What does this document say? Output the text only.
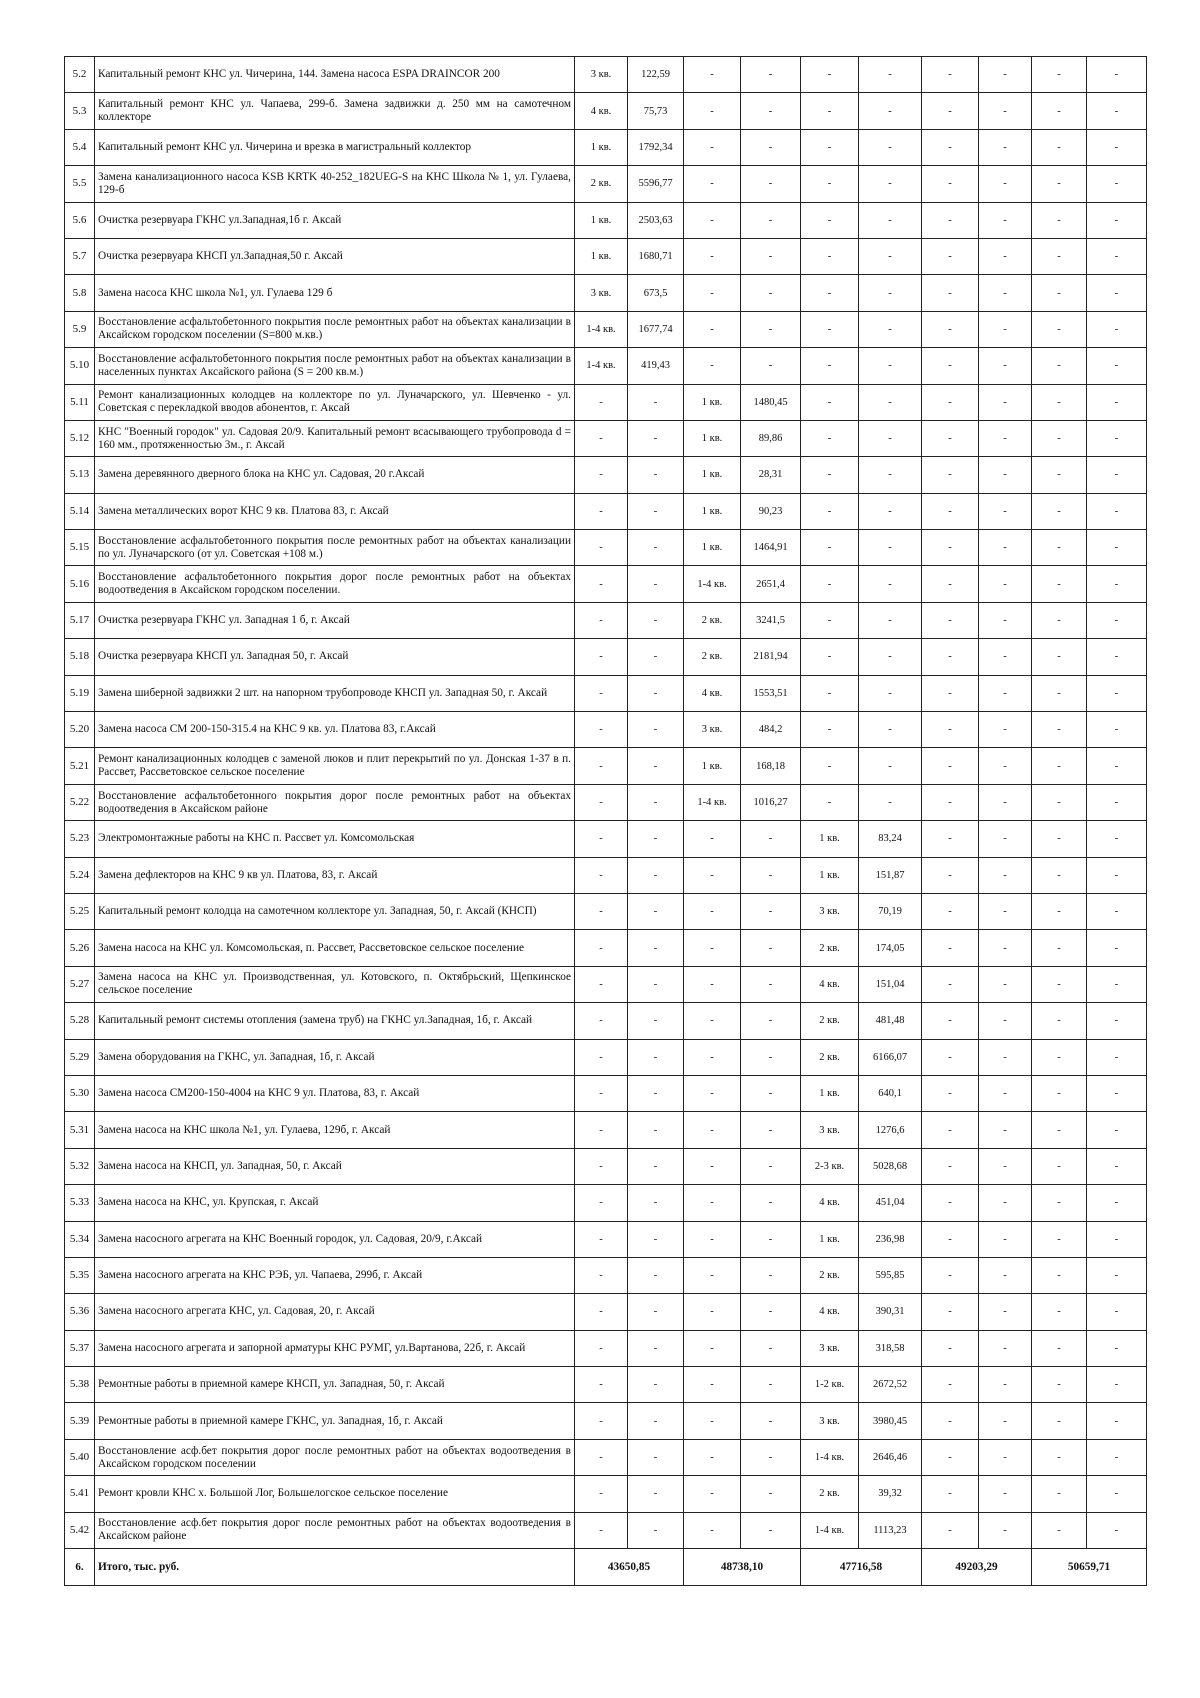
5.2	Капитальный ремонт КНС ул. Чичерина, 144. Замена насоса ESPA DRAINCOR 200	3 кв.	122,59	-	-	-	-	-	-	-	-
5.3	Капитальный ремонт КНС ул. Чапаева, 299-б. Замена задвижки д. 250 мм на самотечном коллекторе	4 кв.	75,73	-	-	-	-	-	-	-	-
5.4	Капитальный ремонт КНС ул. Чичерина и врезка в магистральный коллектор	1 кв.	1792,34	-	-	-	-	-	-	-	-
5.5	Замена канализационного насоса KSB KRTK 40-252_182UEG-S на КНС Школа № 1, ул. Гулаева, 129-б	2 кв.	5596,77	-	-	-	-	-	-	-	-
5.6	Очистка резервуара ГКНС ул.Западная,1б г. Аксай	1 кв.	2503,63	-	-	-	-	-	-	-	-
5.7	Очистка резервуара КНСП ул.Западная,50 г. Аксай	1 кв.	1680,71	-	-	-	-	-	-	-	-
5.8	Замена насоса КНС школа №1, ул. Гулаева 129 б	3 кв.	673,5	-	-	-	-	-	-	-	-
5.9	Восстановление асфальтобетонного покрытия после ремонтных работ на объектах канализации в Аксайском городском поселении (S=800 м.кв.)	1-4 кв.	1677,74	-	-	-	-	-	-	-	-
5.10	Восстановление асфальтобетонного покрытия после ремонтных работ на объектах канализации в населенных пунктах Аксайского района (S = 200 кв.м.)	1-4 кв.	419,43	-	-	-	-	-	-	-	-
5.11	Ремонт канализационных колодцев на коллекторе по ул. Луначарского, ул. Шевченко - ул. Советская с перекладкой вводов абонентов, г. Аксай	-	-	1 кв.	1480,45	-	-	-	-	-	-
5.12	КНС "Военный городок" ул. Садовая 20/9. Капитальный ремонт всасывающего трубопровода d = 160 мм., протяженностью 3м., г. Аксай	-	-	1 кв.	89,86	-	-	-	-	-	-
5.13	Замена деревянного дверного блока на КНС ул. Садовая, 20 г.Аксай	-	-	1 кв.	28,31	-	-	-	-	-	-
5.14	Замена металлических ворот КНС 9 кв. Платова 83, г. Аксай	-	-	1 кв.	90,23	-	-	-	-	-	-
5.15	Восстановление асфальтобетонного покрытия после ремонтных работ на объектах канализации по ул. Луначарского (от ул. Советская +108 м.)	-	-	1 кв.	1464,91	-	-	-	-	-	-
5.16	Восстановление асфальтобетонного покрытия дорог после ремонтных работ на объектах водоотведения в Аксайском городском поселении.	-	-	1-4 кв.	2651,4	-	-	-	-	-	-
5.17	Очистка резервуара ГКНС ул. Западная 1 б, г. Аксай	-	-	2 кв.	3241,5	-	-	-	-	-	-
5.18	Очистка резервуара КНСП ул. Западная 50, г. Аксай	-	-	2 кв.	2181,94	-	-	-	-	-	-
5.19	Замена шиберной задвижки 2 шт. на напорном трубопроводе КНСП ул. Западная 50, г. Аксай	-	-	4 кв.	1553,51	-	-	-	-	-	-
5.20	Замена насоса СМ 200-150-315.4 на КНС 9 кв. ул. Платова 83, г.Аксай	-	-	3 кв.	484,2	-	-	-	-	-	-
5.21	Ремонт канализационных колодцев с заменой люков и плит перекрытий по ул. Донская 1-37 в п. Рассвет, Рассветовское сельское поселение	-	-	1 кв.	168,18	-	-	-	-	-	-
5.22	Восстановление асфальтобетонного покрытия дорог после ремонтных работ на объектах водоотведения в Аксайском районе	-	-	1-4 кв.	1016,27	-	-	-	-	-	-
5.23	Электромонтажные работы на КНС п. Рассвет ул. Комсомольская	-	-	-	-	1 кв.	83,24	-	-	-	-
5.24	Замена дефлекторов на КНС 9 кв ул. Платова, 83, г. Аксай	-	-	-	-	1 кв.	151,87	-	-	-	-
5.25	Капитальный ремонт колодца на самотечном коллекторе ул. Западная, 50, г. Аксай (КНСП)	-	-	-	-	3 кв.	70,19	-	-	-	-
5.26	Замена насоса на КНС ул. Комсомольская, п. Рассвет, Рассветовское сельское поселение	-	-	-	-	2 кв.	174,05	-	-	-	-
5.27	Замена насоса на КНС ул. Производственная, ул. Котовского, п. Октябрьский, Щепкинское сельское поселение	-	-	-	-	4 кв.	151,04	-	-	-	-
5.28	Капитальный ремонт системы отопления (замена труб) на ГКНС ул.Западная, 1б, г. Аксай	-	-	-	-	2 кв.	481,48	-	-	-	-
5.29	Замена оборудования на ГКНС, ул. Западная, 1б, г. Аксай	-	-	-	-	2 кв.	6166,07	-	-	-	-
5.30	Замена насоса СМ200-150-4004 на КНС 9 ул. Платова, 83, г. Аксай	-	-	-	-	1 кв.	640,1	-	-	-	-
5.31	Замена насоса на КНС школа №1, ул. Гулаева, 129б, г. Аксай	-	-	-	-	3 кв.	1276,6	-	-	-	-
5.32	Замена насоса на КНСП, ул. Западная, 50, г. Аксай	-	-	-	-	2-3 кв.	5028,68	-	-	-	-
5.33	Замена насоса на КНС, ул. Крупская, г. Аксай	-	-	-	-	4 кв.	451,04	-	-	-	-
5.34	Замена насосного агрегата на КНС Военный городок, ул. Садовая, 20/9, г.Аксай	-	-	-	-	1 кв.	236,98	-	-	-	-
5.35	Замена насосного агрегата на КНС РЭБ, ул. Чапаева, 299б, г. Аксай	-	-	-	-	2 кв.	595,85	-	-	-	-
5.36	Замена насосного агрегата КНС, ул. Садовая, 20, г. Аксай	-	-	-	-	4 кв.	390,31	-	-	-	-
5.37	Замена насосного агрегата и запорной арматуры КНС РУМГ, ул.Вартанова, 22б, г. Аксай	-	-	-	-	3 кв.	318,58	-	-	-	-
5.38	Ремонтные работы в приемной камере КНСП, ул. Западная, 50, г. Аксай	-	-	-	-	1-2 кв.	2672,52	-	-	-	-
5.39	Ремонтные работы в приемной камере ГКНС, ул. Западная, 1б, г. Аксай	-	-	-	-	3 кв.	3980,45	-	-	-	-
5.40	Восстановление асф.бет покрытия дорог после ремонтных работ на объектах водоотведения в Аксайском городском поселении	-	-	-	-	1-4 кв.	2646,46	-	-	-	-
5.41	Ремонт кровли КНС х. Большой Лог, Большелогское сельское поселение	-	-	-	-	2 кв.	39,32	-	-	-	-
5.42	Восстановление асф.бет покрытия дорог после ремонтных работ на объектах водоотведения в Аксайском районе	-	-	-	-	1-4 кв.	1113,23	-	-	-	-
6.	Итого, тыс. руб.	43650,85		48738,10		47716,58		49203,29		50659,71	
